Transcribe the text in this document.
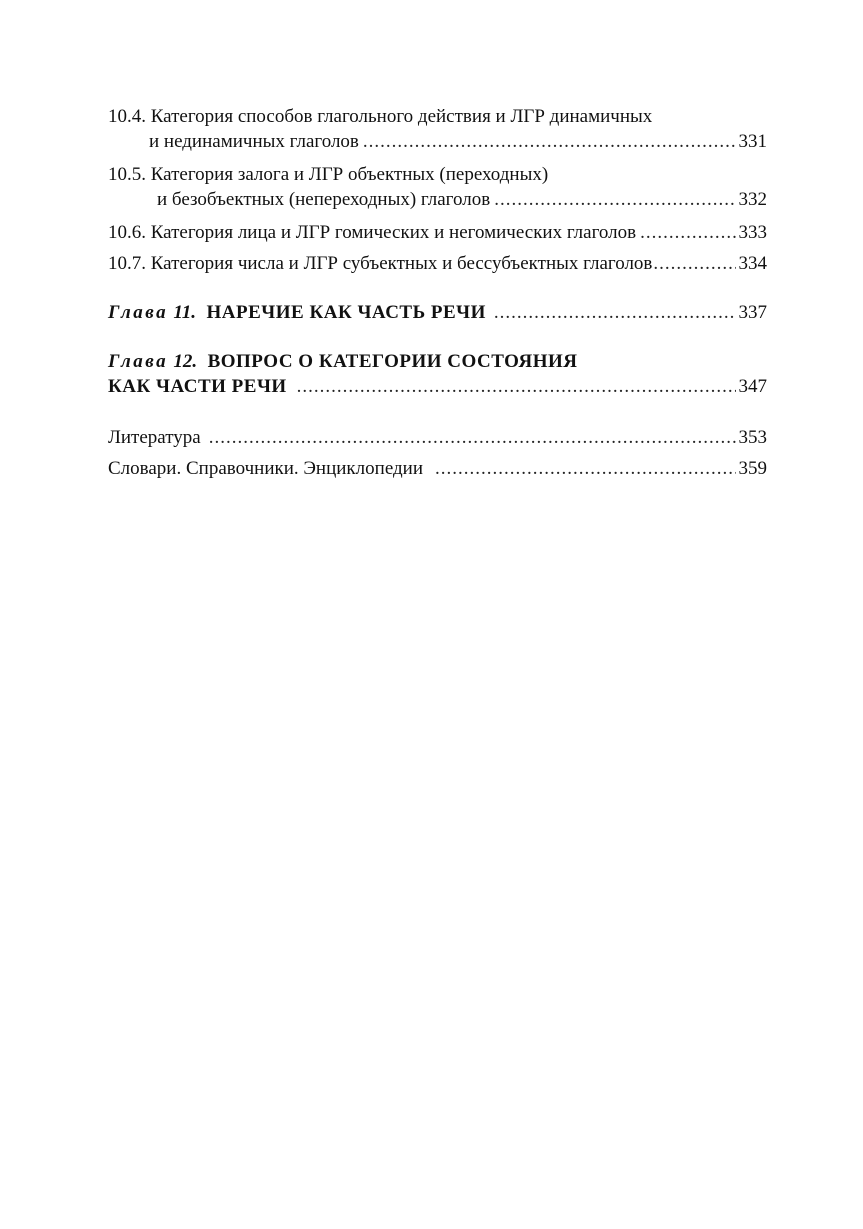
10.4. Категория способов глагольного действия и ЛГР динамичных
и нединамичных глаголов .....	331
10.5. Категория залога и ЛГР объектных (переходных)
и безобъектных (непереходных) глаголов .....	332
10.6. Категория лица и ЛГР гомических и негомических глаголов .....	333
10.7. Категория числа и ЛГР субъектных и бессубъектных глаголов .....	334
Глава 11. НАРЕЧИЕ КАК ЧАСТЬ РЕЧИ .....	337
Глава 12. ВОПРОС О КАТЕГОРИИ СОСТОЯНИЯ
КАК ЧАСТИ РЕЧИ .....	347
Литература .....	353
Словари. Справочники. Энциклопедии .....	359
